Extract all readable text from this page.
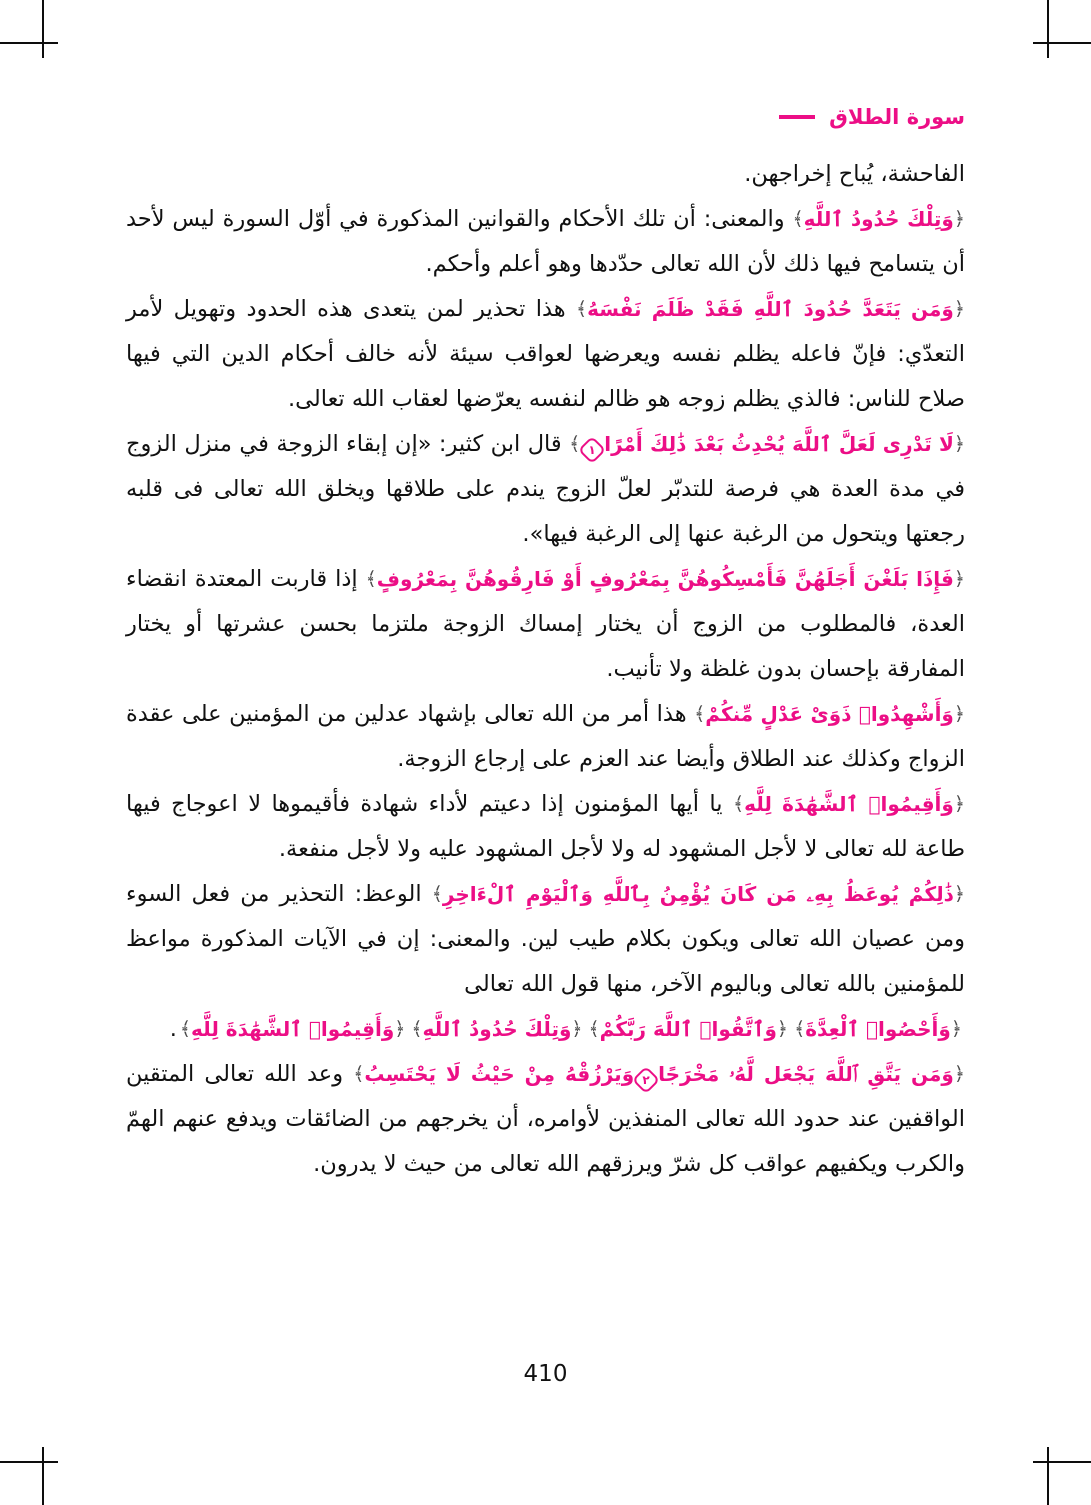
سورة الطلاق

الفاحشة، يُباح إخراجهن.

﴿وَتِلْكَ حُدُودُ ٱللَّهِ﴾ والمعنى: أن تلك الأحكام والقوانين المذكورة في أوّل السورة ليس لأحد أن يتسامح فيها ذلك لأن الله تعالى حدّدها وهو أعلم وأحكم.

﴿وَمَن يَتَعَدَّ حُدُودَ ٱللَّهِ فَقَدْ ظَلَمَ نَفْسَهُ﴾ هذا تحذير لمن يتعدى هذه الحدود وتهويل لأمر التعدّي: فإنّ فاعله يظلم نفسه ويعرضها لعواقب سيئة لأنه خالف أحكام الدين التي فيها صلاح للناس: فالذي يظلم زوجه هو ظالم لنفسه يعرّضها لعقاب الله تعالى.

﴿لَا تَدْرِى لَعَلَّ ٱللَّهَ يُحْدِثُ بَعْدَ ذَٰلِكَ أَمْرًا
١
﴾ قال ابن كثير: «إن إبقاء الزوجة في منزل الزوج في مدة العدة هي فرصة للتدبّر لعلّ الزوج يندم على طلاقها ويخلق الله تعالى فى قلبه رجعتها ويتحول من الرغبة عنها إلى الرغبة فيها».

﴿فَإِذَا بَلَغْنَ أَجَلَهُنَّ فَأَمْسِكُوهُنَّ بِمَعْرُوفٍ أَوْ فَارِقُوهُنَّ بِمَعْرُوفٍ﴾ إذا قاربت المعتدة انقضاء العدة، فالمطلوب من الزوج أن يختار إمساك الزوجة ملتزما بحسن عشرتها أو يختار المفارقة بإحسان بدون غلظة ولا تأنيب.

﴿وَأَشْهِدُوا۟ ذَوَىْ عَدْلٍ مِّنكُمْ﴾ هذا أمر من الله تعالى بإشهاد عدلين من المؤمنين على عقدة الزواج وكذلك عند الطلاق وأيضا عند العزم على إرجاع الزوجة.

﴿وَأَقِيمُوا۟ ٱلشَّهَٰدَةَ لِلَّهِ﴾ يا أيها المؤمنون إذا دعيتم لأداء شهادة فأقيموها لا اعوجاج فيها طاعة لله تعالى لا لأجل المشهود له ولا لأجل المشهود عليه ولا لأجل منفعة.

﴿ذَٰلِكُمْ يُوعَظُ بِهِۦ مَن كَانَ يُؤْمِنُ بِٱللَّهِ وَٱلْيَوْمِ ٱلْءَاخِرِ﴾ الوعظ: التحذير من فعل السوء ومن عصيان الله تعالى ويكون بكلام طيب لين. والمعنى: إن في الآيات المذكورة مواعظ للمؤمنين بالله تعالى وباليوم الآخر، منها قول الله تعالى

﴿وَأَحْصُوا۟ ٱلْعِدَّةَ﴾﴿وَٱتَّقُوا۟ ٱللَّهَ رَبَّكُمْ﴾﴿وَتِلْكَ حُدُودُ ٱللَّهِ﴾﴿وَأَقِيمُوا۟ ٱلشَّهَٰدَةَ لِلَّهِ﴾.

﴿وَمَن يَتَّقِ ٱللَّهَ يَجْعَل لَّهُۥ مَخْرَجًا
٢
وَيَرْزُقْهُ مِنْ حَيْثُ لَا يَحْتَسِبُ﴾ وعد الله تعالى المتقين الواقفين عند حدود الله تعالى المنفذين لأوامره، أن يخرجهم من الضائقات ويدفع عنهم الهمّ والكرب ويكفيهم عواقب كل شرّ ويرزقهم الله تعالى من حيث لا يدرون.

410
